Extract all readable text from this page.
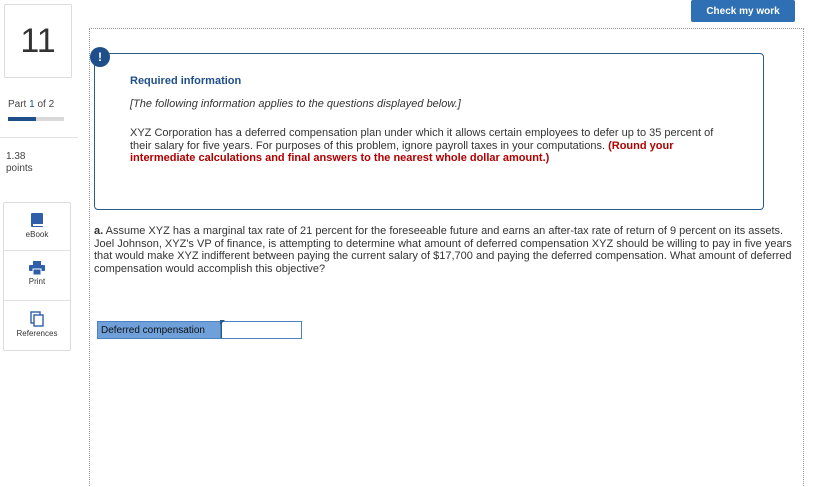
11
Part 1 of 2
1.38
points
eBook
Print
References
Check my work
!
Required information
[The following information applies to the questions displayed below.]
XYZ Corporation has a deferred compensation plan under which it allows certain employees to defer up to 35 percent of their salary for five years. For purposes of this problem, ignore payroll taxes in your computations. (Round your intermediate calculations and final answers to the nearest whole dollar amount.)
a. Assume XYZ has a marginal tax rate of 21 percent for the foreseeable future and earns an after-tax rate of return of 9 percent on its assets. Joel Johnson, XYZ's VP of finance, is attempting to determine what amount of deferred compensation XYZ should be willing to pay in five years that would make XYZ indifferent between paying the current salary of $17,700 and paying the deferred compensation. What amount of deferred compensation would accomplish this objective?
Deferred compensation
